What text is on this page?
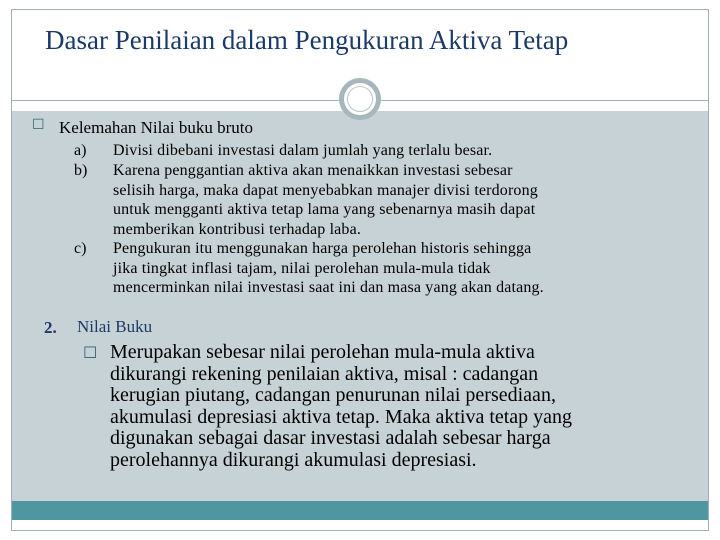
Dasar Penilaian dalam Pengukuran Aktiva Tetap
☐ Kelemahan Nilai buku bruto
a) Divisi dibebani investasi dalam jumlah yang terlalu besar.
b) Karena penggantian aktiva akan menaikkan investasi sebesar
selisih harga, maka dapat menyebabkan manajer divisi terdorong
untuk mengganti aktiva tetap lama yang sebenarnya masih dapat
memberikan kontribusi terhadap laba.
c) Pengukuran itu menggunakan harga perolehan historis sehingga
jika tingkat inflasi tajam, nilai perolehan mula-mula tidak
mencerminkan nilai investasi saat ini dan masa yang akan datang.
2. Nilai Buku
☐ Merupakan sebesar nilai perolehan mula-mula aktiva
dikurangi rekening penilaian aktiva, misal : cadangan
kerugian piutang, cadangan penurunan nilai persediaan,
akumulasi depresiasi aktiva tetap. Maka aktiva tetap yang
digunakan sebagai dasar investasi adalah sebesar harga
perolehannya dikurangi akumulasi depresiasi.
